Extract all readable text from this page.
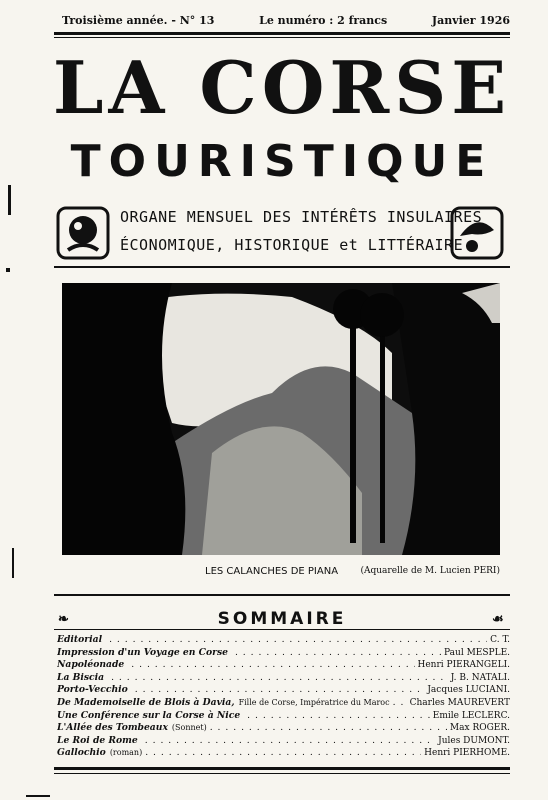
Troisième année. - N° 13	Le numéro : 2 francs	Janvier 1926
LA CORSE
TOURISTIQUE
ORGANE MENSUEL DES INTÉRÊTS INSULAIRES
ÉCONOMIQUE, HISTORIQUE et LITTÉRAIRE
LES CALANCHES DE PIANA (Aquarelle de M. Lucien PERI)
❧	SOMMAIRE	☙
Editorial . . .	C. T.
Impression d'un Voyage en Corse . . .	Paul MESPLE.
Napoléonade . . .	Henri PIERANGELI.
La Biscia . . .	J. B. NATALI.
Porto-Vecchio . . .	Jacques LUCIANI.
De Mademoiselle de Blois à Davia, Fille de Corse, Impératrice du Maroc . . . Charles MAUREVERT
Une Conférence sur la Corse à Nice . . .	Emile LECLERC.
L'Allée des Tombeaux (Sonnet) . . .	Max ROGER.
Le Roi de Rome . . .	Jules DUMONT.
Gallochio (roman) . . .	Henri PIERHOME.
